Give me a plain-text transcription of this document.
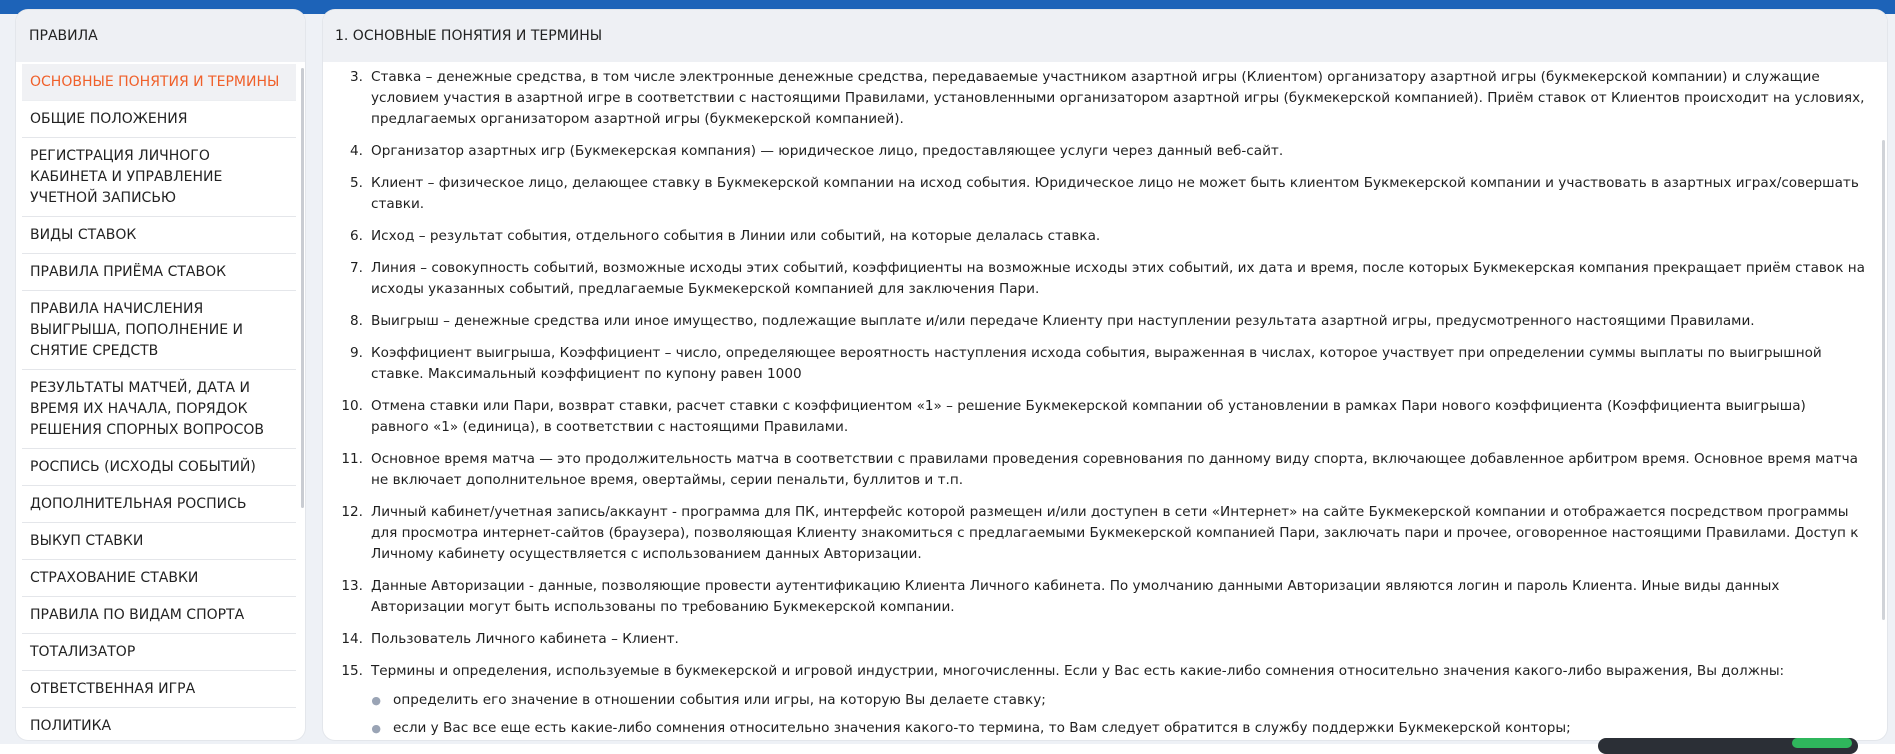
ПРАВИЛА
ОСНОВНЫЕ ПОНЯТИЯ И ТЕРМИНЫ
ОБЩИЕ ПОЛОЖЕНИЯ
РЕГИСТРАЦИЯ ЛИЧНОГО КАБИНЕТА И УПРАВЛЕНИЕ УЧЕТНОЙ ЗАПИСЬЮ
ВИДЫ СТАВОК
ПРАВИЛА ПРИЁМА СТАВОК
ПРАВИЛА НАЧИСЛЕНИЯ ВЫИГРЫША, ПОПОЛНЕНИЕ И СНЯТИЕ СРЕДСТВ
РЕЗУЛЬТАТЫ МАТЧЕЙ, ДАТА И ВРЕМЯ ИХ НАЧАЛА, ПОРЯДОК РЕШЕНИЯ СПОРНЫХ ВОПРОСОВ
РОСПИСЬ (ИСХОДЫ СОБЫТИЙ)
ДОПОЛНИТЕЛЬНАЯ РОСПИСЬ
ВЫКУП СТАВКИ
СТРАХОВАНИЕ СТАВКИ
ПРАВИЛА ПО ВИДАМ СПОРТА
ТОТАЛИЗАТОР
ОТВЕТСТВЕННАЯ ИГРА
ПОЛИТИКА
1. ОСНОВНЫЕ ПОНЯТИЯ И ТЕРМИНЫ
3. Ставка – денежные средства, в том числе электронные денежные средства, передаваемые участником азартной игры (Клиентом) организатору азартной игры (букмекерской компании) и служащие условием участия в азартной игре в соответствии с настоящими Правилами, установленными организатором азартной игры (букмекерской компанией). Приём ставок от Клиентов происходит на условиях, предлагаемых организатором азартной игры (букмекерской компанией).
4. Организатор азартных игр (Букмекерская компания) — юридическое лицо, предоставляющее услуги через данный веб-сайт.
5. Клиент – физическое лицо, делающее ставку в Букмекерской компании на исход события. Юридическое лицо не может быть клиентом Букмекерской компании и участвовать в азартных играх/совершать ставки.
6. Исход – результат события, отдельного события в Линии или событий, на которые делалась ставка.
7. Линия – совокупность событий, возможные исходы этих событий, коэффициенты на возможные исходы этих событий, их дата и время, после которых Букмекерская компания прекращает приём ставок на исходы указанных событий, предлагаемые Букмекерской компанией для заключения Пари.
8. Выигрыш – денежные средства или иное имущество, подлежащие выплате и/или передаче Клиенту при наступлении результата азартной игры, предусмотренного настоящими Правилами.
9. Коэффициент выигрыша, Коэффициент – число, определяющее вероятность наступления исхода события, выраженная в числах, которое участвует при определении суммы выплаты по выигрышной ставке. Максимальный коэффициент по купону равен 1000
10. Отмена ставки или Пари, возврат ставки, расчет ставки с коэффициентом «1» – решение Букмекерской компании об установлении в рамках Пари нового коэффициента (Коэффициента выигрыша) равного «1» (единица), в соответствии с настоящими Правилами.
11. Основное время матча — это продолжительность матча в соответствии с правилами проведения соревнования по данному виду спорта, включающее добавленное арбитром время. Основное время матча не включает дополнительное время, овертаймы, серии пенальти, буллитов и т.п.
12. Личный кабинет/учетная запись/аккаунт - программа для ПК, интерфейс которой размещен и/или доступен в сети «Интернет» на сайте Букмекерской компании и отображается посредством программы для просмотра интернет-сайтов (браузера), позволяющая Клиенту знакомиться с предлагаемыми Букмекерской компанией Пари, заключать пари и прочее, оговоренное настоящими Правилами. Доступ к Личному кабинету осуществляется с использованием данных Авторизации.
13. Данные Авторизации - данные, позволяющие провести аутентификацию Клиента Личного кабинета. По умолчанию данными Авторизации являются логин и пароль Клиента. Иные виды данных Авторизации могут быть использованы по требованию Букмекерской компании.
14. Пользователь Личного кабинета – Клиент.
15. Термины и определения, используемые в букмекерской и игровой индустрии, многочисленны. Если у Вас есть какие-либо сомнения относительно значения какого-либо выражения, Вы должны:
● определить его значение в отношении события или игры, на которую Вы делаете ставку;
● если у Вас все еще есть какие-либо сомнения относительно значения какого-то термина, то Вам следует обратится в службу поддержки Букмекерской конторы;
